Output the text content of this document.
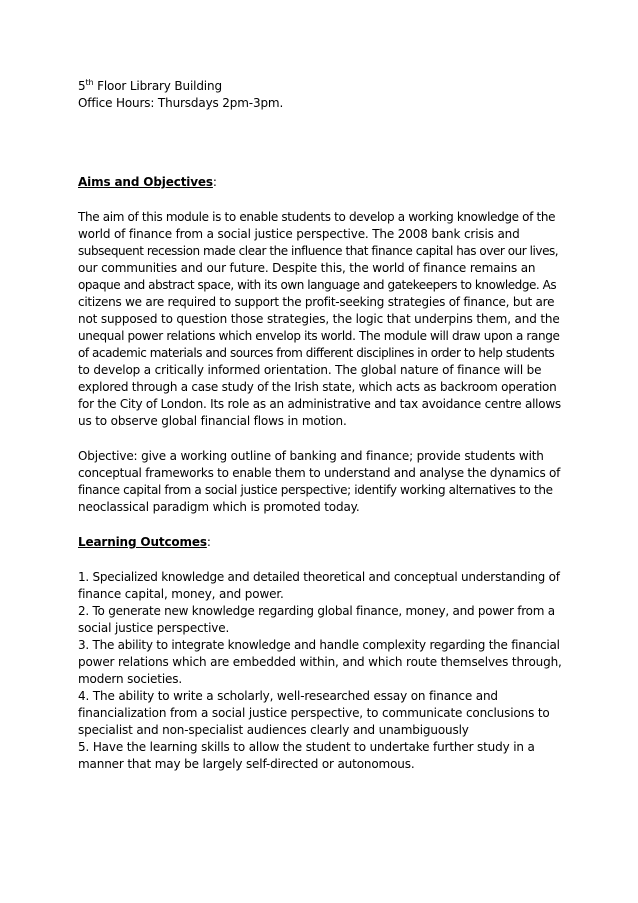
5th Floor Library Building
Office Hours: Thursdays 2pm-3pm.
Aims and Objectives:
The aim of this module is to enable students to develop a working knowledge of the
world of finance from a social justice perspective. The 2008 bank crisis and
subsequent recession made clear the influence that finance capital has over our lives,
our communities and our future. Despite this, the world of finance remains an
opaque and abstract space, with its own language and gatekeepers to knowledge. As
citizens we are required to support the profit-seeking strategies of finance, but are
not supposed to question those strategies, the logic that underpins them, and the
unequal power relations which envelop its world. The module will draw upon a range
of academic materials and sources from different disciplines in order to help students
to develop a critically informed orientation. The global nature of finance will be
explored through a case study of the Irish state, which acts as backroom operation
for the City of London. Its role as an administrative and tax avoidance centre allows
us to observe global financial flows in motion.
Objective: give a working outline of banking and finance; provide students with
conceptual frameworks to enable them to understand and analyse the dynamics of
finance capital from a social justice perspective; identify working alternatives to the
neoclassical paradigm which is promoted today.
Learning Outcomes:
1. Specialized knowledge and detailed theoretical and conceptual understanding of
finance capital, money, and power.
2. To generate new knowledge regarding global finance, money, and power from a
social justice perspective.
3. The ability to integrate knowledge and handle complexity regarding the financial
power relations which are embedded within, and which route themselves through,
modern societies.
4. The ability to write a scholarly, well-researched essay on finance and
financialization from a social justice perspective, to communicate conclusions to
specialist and non-specialist audiences clearly and unambiguously
5. Have the learning skills to allow the student to undertake further study in a
manner that may be largely self-directed or autonomous.
